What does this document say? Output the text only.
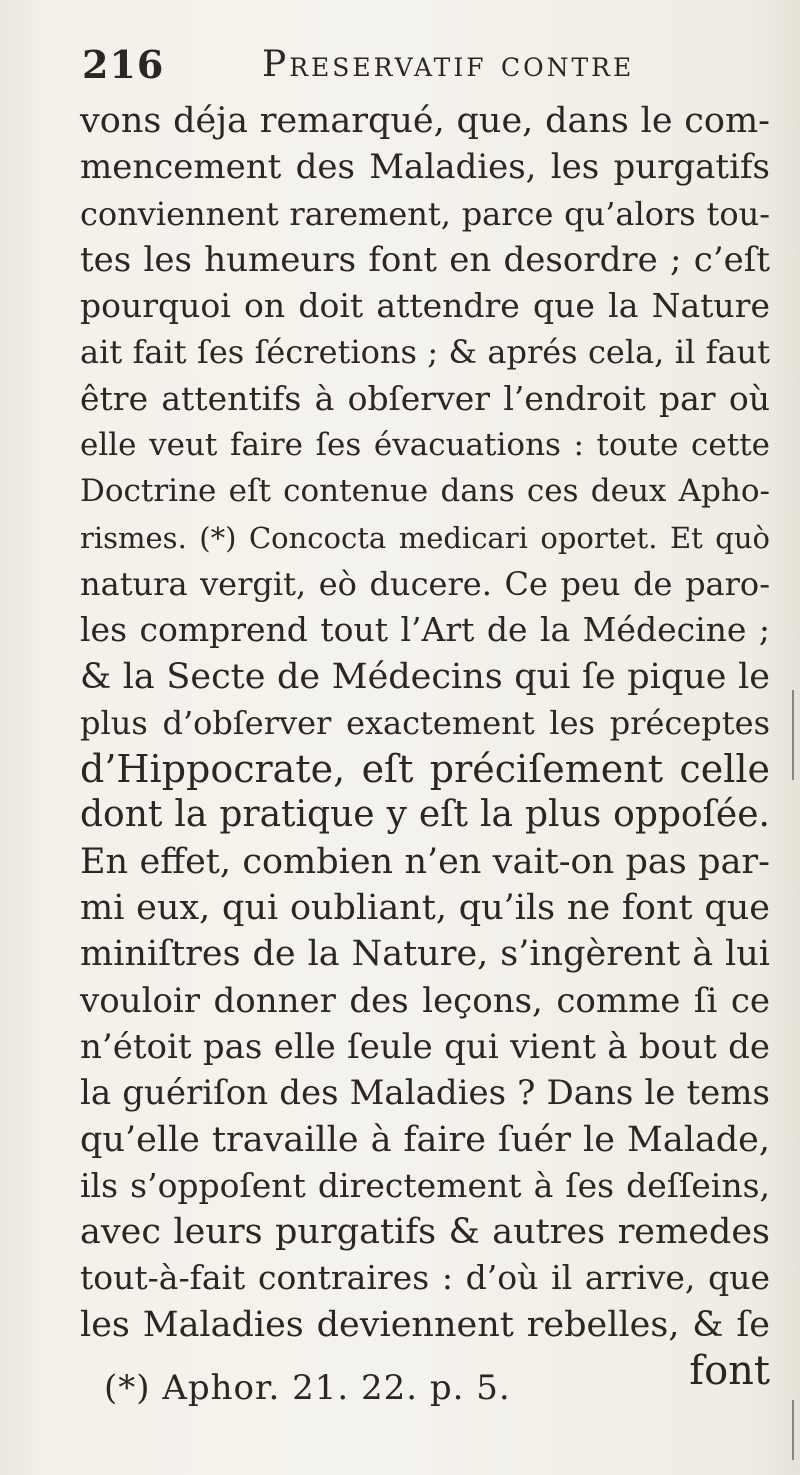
216	Preservatif contre
vons déja remarqué, que, dans le com-
mencement des Maladies, les purgatifs
conviennent rarement, parce qu’alors tou-
tes les humeurs font en desordre ; c’eſt
pourquoi on doit attendre que la Nature
ait fait ſes ſécretions ; & aprés cela, il faut
être attentifs à obſerver l’endroit par où
elle veut faire ſes évacuations : toute cette
Doctrine eſt contenue dans ces deux Apho-
rismes. (*) Concocta medicari oportet. Et quò
natura vergit, eò ducere. Ce peu de paro-
les comprend tout l’Art de la Médecine ;
& la Secte de Médecins qui ſe pique le
plus d’obſerver exactement les préceptes
d’Hippocrate, eſt préciſement celle
dont la pratique y eſt la plus oppoſée.
En effet, combien n’en vait-on pas par-
mi eux, qui oubliant, qu’ils ne font que
miniſtres de la Nature, s’ingèrent à lui
vouloir donner des leçons, comme ſi ce
n’étoit pas elle ſeule qui vient à bout de
la guériſon des Maladies ? Dans le tems
qu’elle travaille à faire ſuér le Malade,
ils s’oppoſent directement à ſes deſſeins,
avec leurs purgatifs & autres remedes
tout-à-fait contraires : d’où il arrive, que
les Maladies deviennent rebelles, & ſe
font
(*) Aphor. 21. 22. p. 5.
